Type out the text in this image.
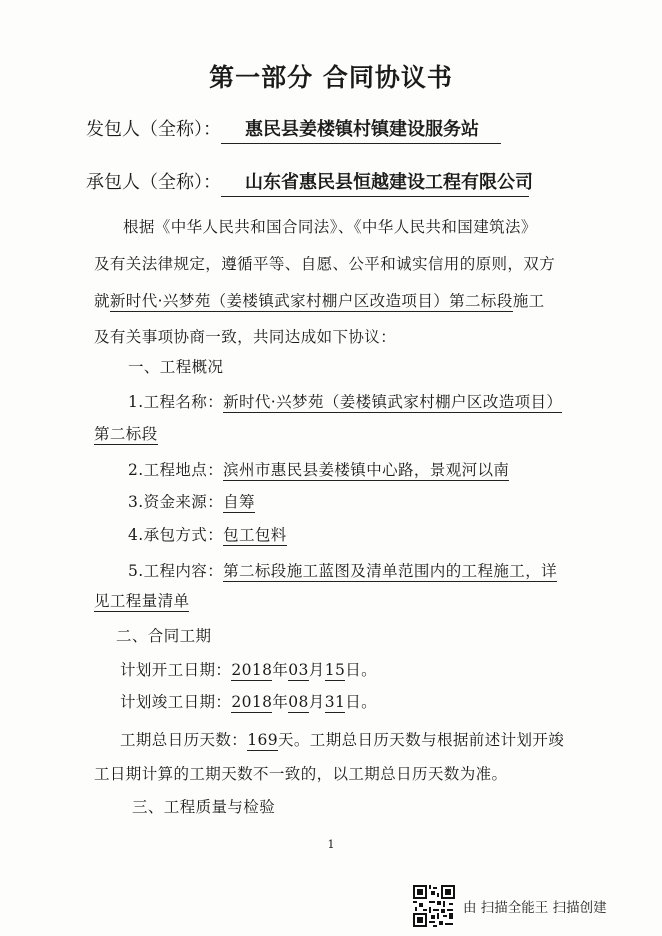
第一部分 合同协议书
发包人（全称）： 惠民县姜楼镇村镇建设服务站
承包人（全称）： 山东省惠民县恒越建设工程有限公司
根据《中华人民共和国合同法》、《中华人民共和国建筑法》
及有关法律规定，遵循平等、自愿、公平和诚实信用的原则，双方
就新时代·兴梦苑（姜楼镇武家村棚户区改造项目）第二标段施工
及有关事项协商一致，共同达成如下协议：
一、工程概况
1.工程名称：新时代·兴梦苑（姜楼镇武家村棚户区改造项目）
第二标段
2.工程地点：滨州市惠民县姜楼镇中心路，景观河以南
3.资金来源：自筹
4.承包方式：包工包料
5.工程内容：第二标段施工蓝图及清单范围内的工程施工，详
见工程量清单
二、合同工期
计划开工日期：2018年03月15日。
计划竣工日期：2018年08月31日。
工期总日历天数：169天。工期总日历天数与根据前述计划开竣
工日期计算的工期天数不一致的，以工期总日历天数为准。
三、工程质量与检验
1
由 扫描全能王 扫描创建
